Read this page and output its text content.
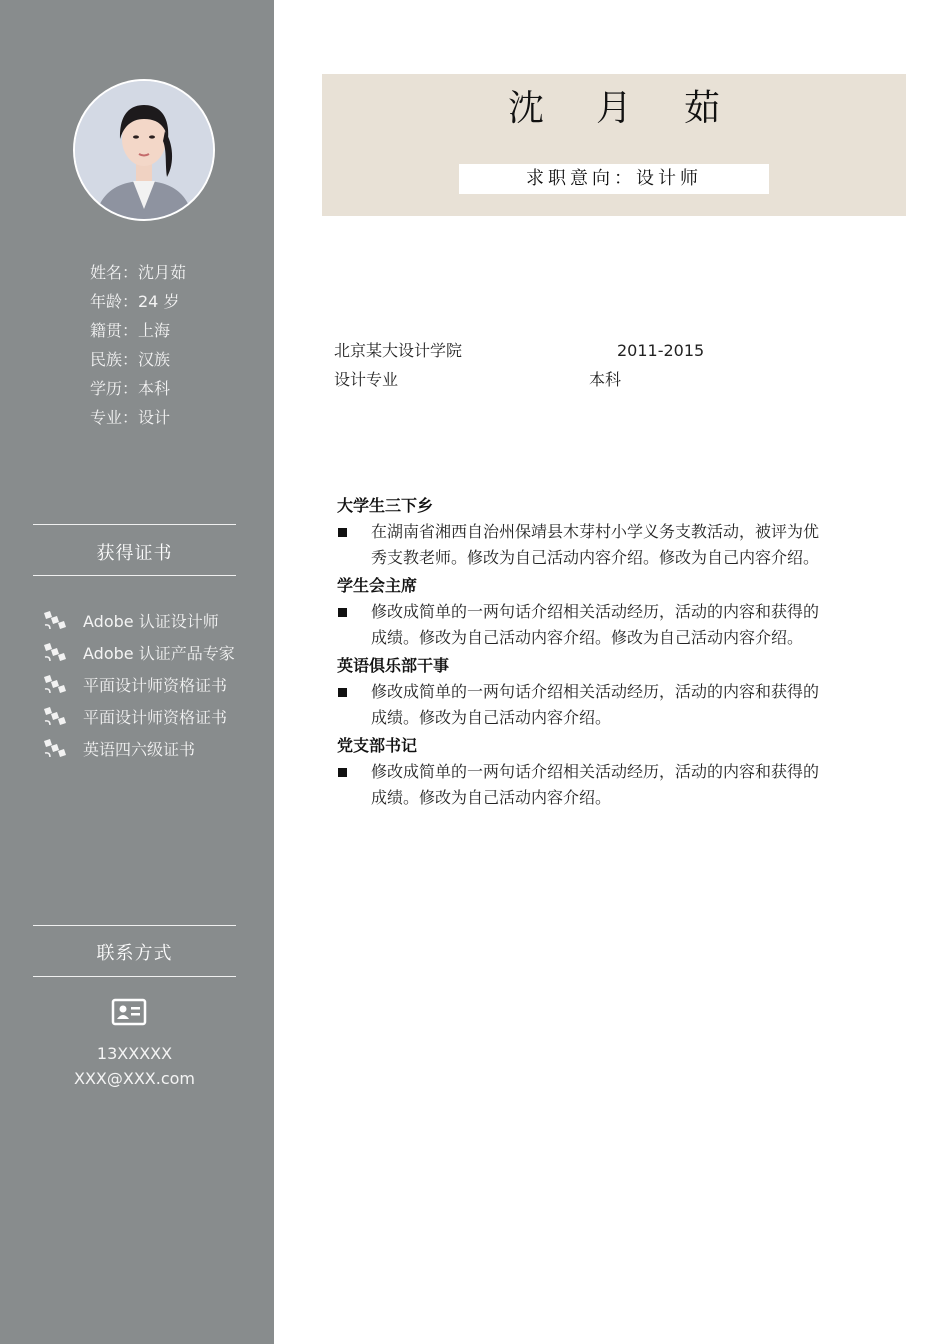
姓名：沈月茹
年龄：24 岁
籍贯：上海
民族：汉族
学历：本科
专业：设计
获得证书
Adobe 认证设计师
Adobe 认证产品专家
平面设计师资格证书
平面设计师资格证书
英语四六级证书
联系方式
13XXXXX
XXX@XXX.com
沈 月 茹
求职意向：设计师
北京某大设计学院	2011-2015
设计专业	本科
大学生三下乡
在湖南省湘西自治州保靖县木芽村小学义务支教活动，被评为优
秀支教老师。修改为自己活动内容介绍。修改为自己内容介绍。
学生会主席
修改成简单的一两句话介绍相关活动经历，活动的内容和获得的
成绩。修改为自己活动内容介绍。修改为自己活动内容介绍。
英语俱乐部干事
修改成简单的一两句话介绍相关活动经历，活动的内容和获得的
成绩。修改为自己活动内容介绍。
党支部书记
修改成简单的一两句话介绍相关活动经历，活动的内容和获得的
成绩。修改为自己活动内容介绍。
